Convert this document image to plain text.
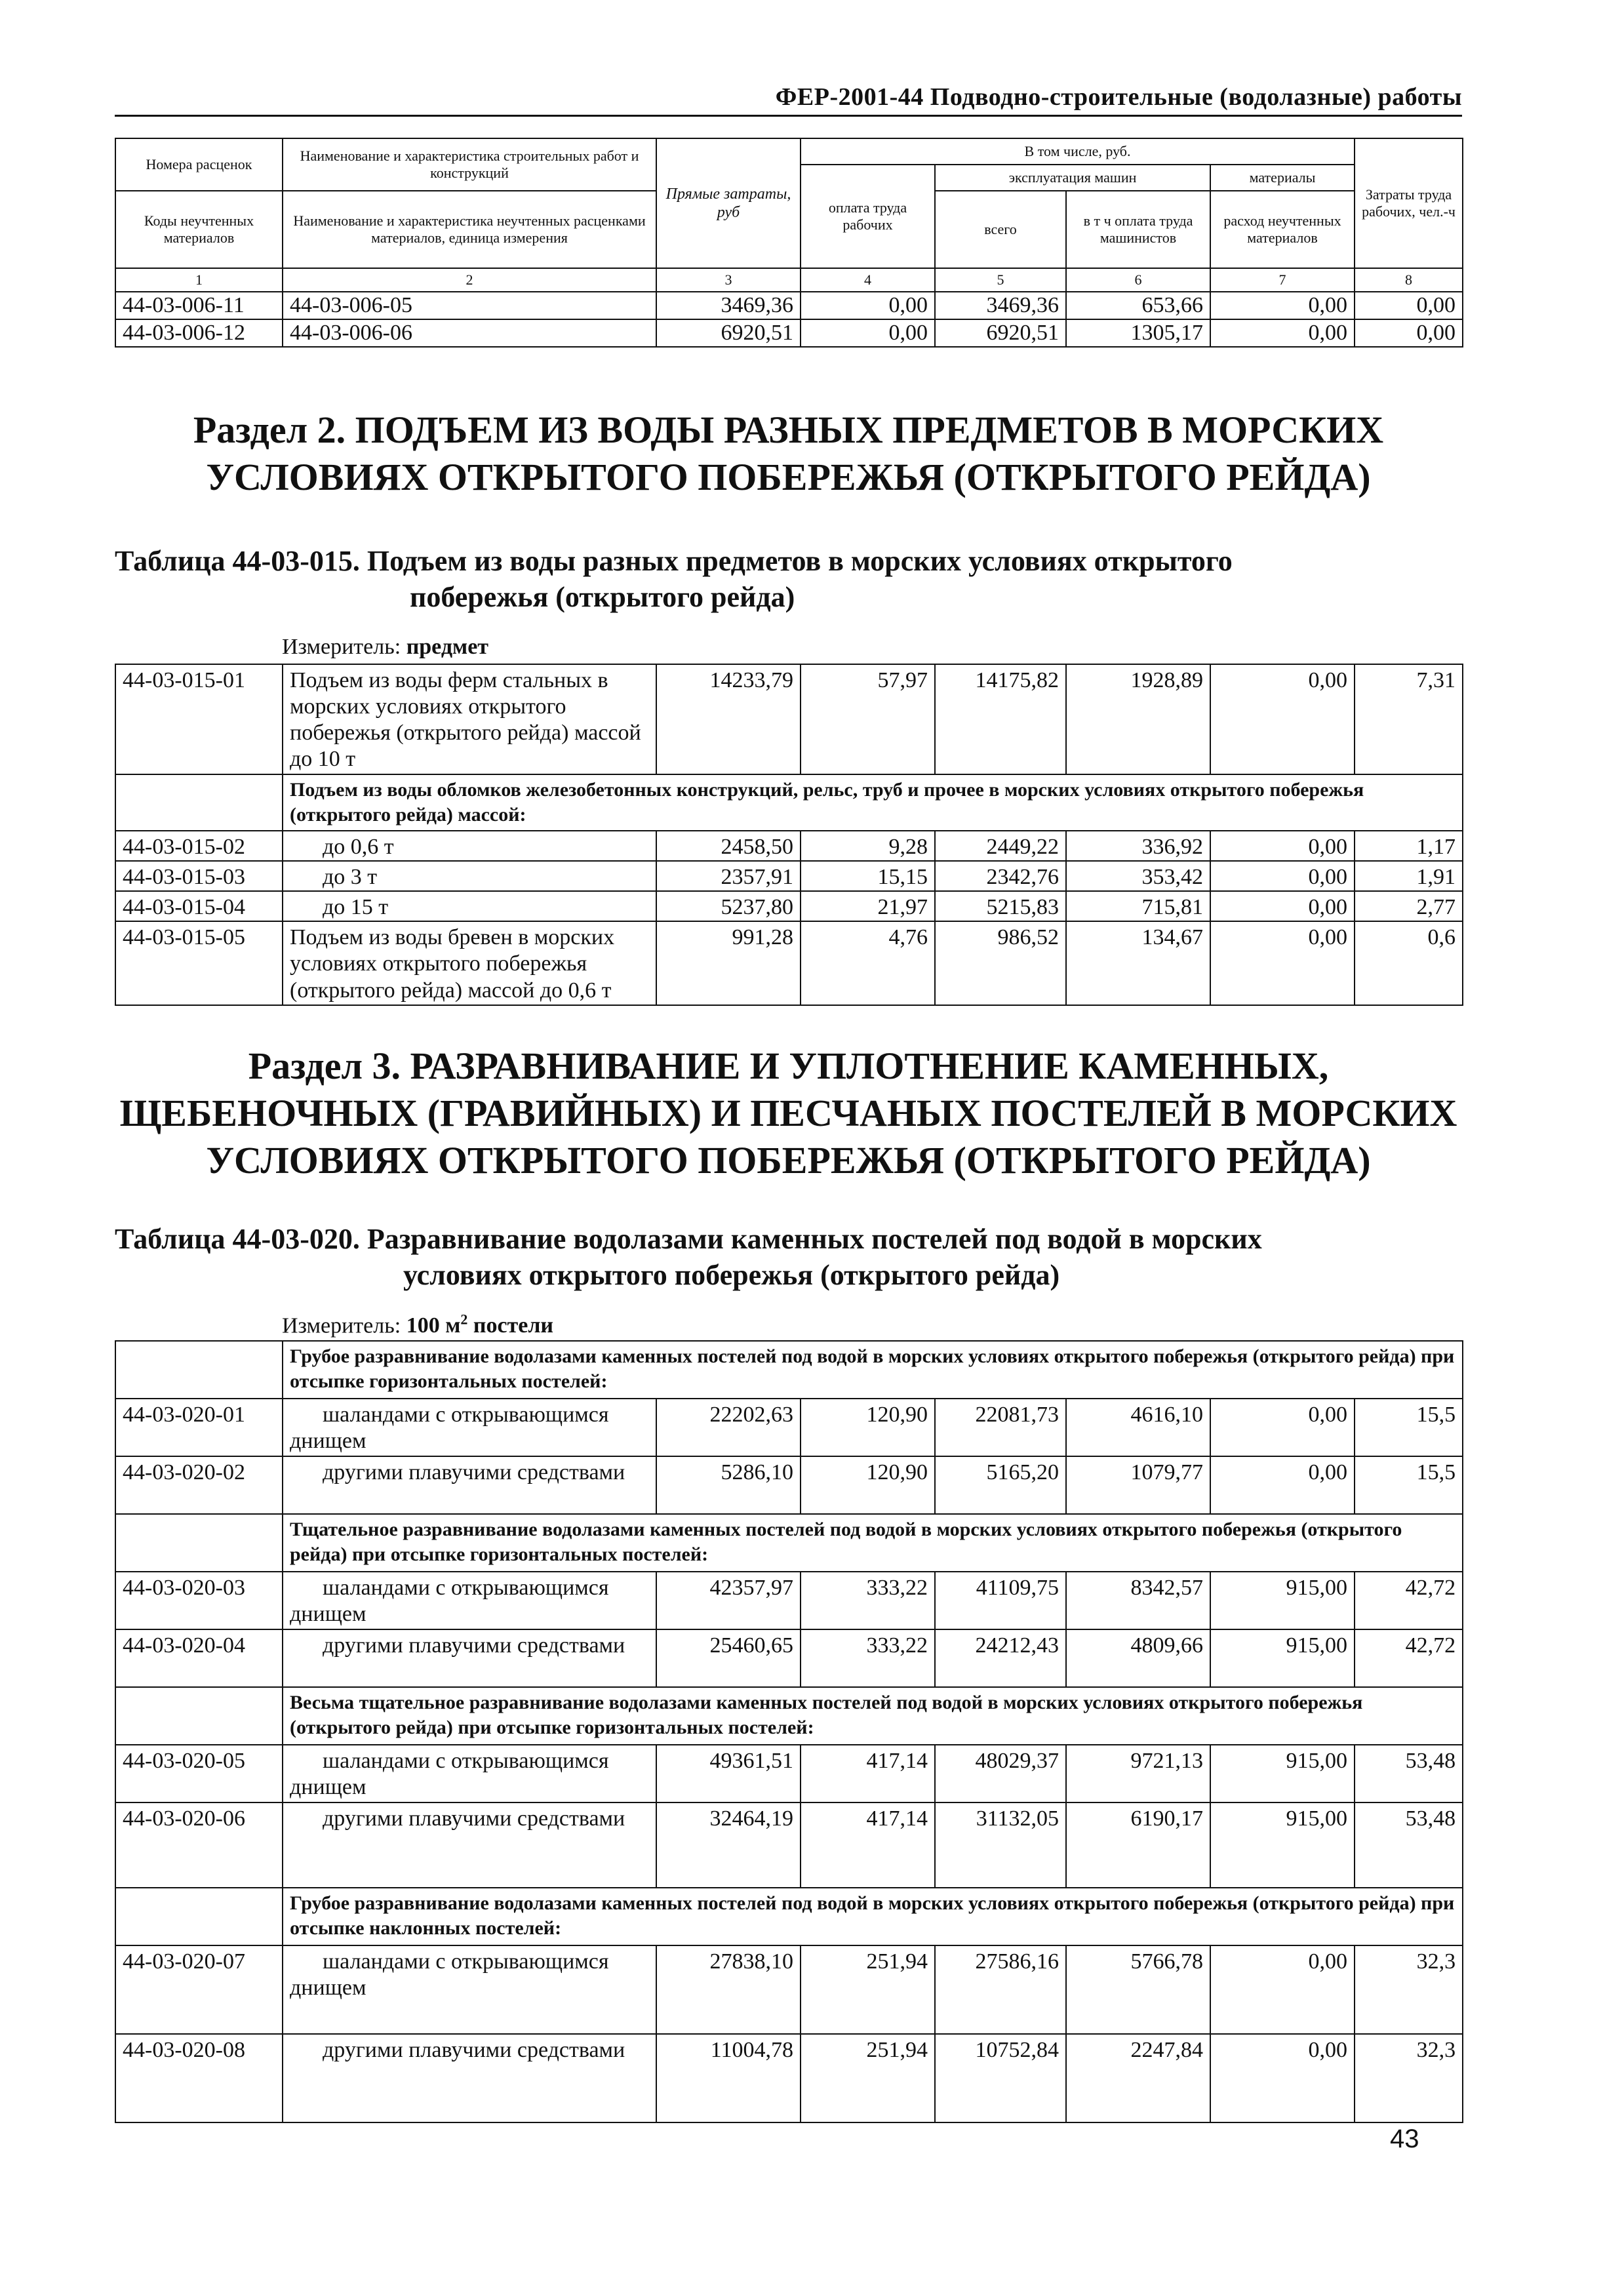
ФЕР-2001-44 Подводно-строительные (водолазные) работы
Номера расценок	Наименование и характеристика строительных работ и конструкций	Прямые затраты, руб	В том числе, руб.				Затраты труда рабочих, чел.-ч
			оплата труда рабочих	эксплуатация машин		материалы	
Коды неучтенных материалов	Наименование и характеристика неучтенных расценками материалов, единица измерения			всего	в т ч оплата труда машинистов	расход неучтенных материалов	

1	2	3	4	5	6	7	8
44-03-006-11	44-03-006-05	3469,36	0,00	3469,36	653,66	0,00	0,00
44-03-006-12	44-03-006-06	6920,51	0,00	6920,51	1305,17	0,00	0,00
Раздел 2. ПОДЪЕМ ИЗ ВОДЫ РАЗНЫХ ПРЕДМЕТОВ В МОРСКИХ
УСЛОВИЯХ ОТКРЫТОГО ПОБЕРЕЖЬЯ (ОТКРЫТОГО РЕЙДА)
Таблица 44-03-015. Подъем из воды разных предметов в морских условиях открытого
побережья (открытого рейда)
Измеритель: предмет
44-03-015-01	Подъем из воды ферм стальных в морских условиях открытого побережья (открытого рейда) массой до 10 т	14233,79	57,97	14175,82	1928,89	0,00	7,31
	Подъем из воды обломков железобетонных конструкций, рельс, труб и прочее в морских условиях открытого побережья (открытого рейда) массой:						
44-03-015-02	до 0,6 т	2458,50	9,28	2449,22	336,92	0,00	1,17
44-03-015-03	до 3 т	2357,91	15,15	2342,76	353,42	0,00	1,91
44-03-015-04	до 15 т	5237,80	21,97	5215,83	715,81	0,00	2,77
44-03-015-05	Подъем из воды бревен в морских условиях открытого побережья (открытого рейда) массой до 0,6 т	991,28	4,76	986,52	134,67	0,00	0,6
Раздел 3. РАЗРАВНИВАНИЕ И УПЛОТНЕНИЕ КАМЕННЫХ,
ЩЕБЕНОЧНЫХ (ГРАВИЙНЫХ) И ПЕСЧАНЫХ ПОСТЕЛЕЙ В МОРСКИХ
УСЛОВИЯХ ОТКРЫТОГО ПОБЕРЕЖЬЯ (ОТКРЫТОГО РЕЙДА)
Таблица 44-03-020. Разравнивание водолазами каменных постелей под водой в морских
условиях открытого побережья (открытого рейда)
Измеритель: 100 $м^2$ постели
	Грубое разравнивание водолазами каменных постелей под водой в морских условиях открытого побережья (открытого рейда) при отсыпке горизонтальных постелей:						
44-03-020-01	шаландами с открывающимся днищем	22202,63	120,90	22081,73	4616,10	0,00	15,5
44-03-020-02	другими плавучими средствами	5286,10	120,90	5165,20	1079,77	0,00	15,5
	Тщательное разравнивание водолазами каменных постелей под водой в морских условиях открытого побережья (открытого рейда) при отсыпке горизонтальных постелей:						
44-03-020-03	шаландами с открывающимся днищем	42357,97	333,22	41109,75	8342,57	915,00	42,72
44-03-020-04	другими плавучими средствами	25460,65	333,22	24212,43	4809,66	915,00	42,72
	Весьма тщательное разравнивание водолазами каменных постелей под водой в морских условиях открытого побережья (открытого рейда) при отсыпке горизонтальных постелей:						
44-03-020-05	шаландами с открывающимся днищем	49361,51	417,14	48029,37	9721,13	915,00	53,48
44-03-020-06	другими плавучими средствами	32464,19	417,14	31132,05	6190,17	915,00	53,48
	Грубое разравнивание водолазами каменных постелей под водой в морских условиях открытого побережья (открытого рейда) при отсыпке наклонных постелей:						
44-03-020-07	шаландами с открывающимся днищем	27838,10	251,94	27586,16	5766,78	0,00	32,3
44-03-020-08	другими плавучими средствами	11004,78	251,94	10752,84	2247,84	0,00	32,3
43
